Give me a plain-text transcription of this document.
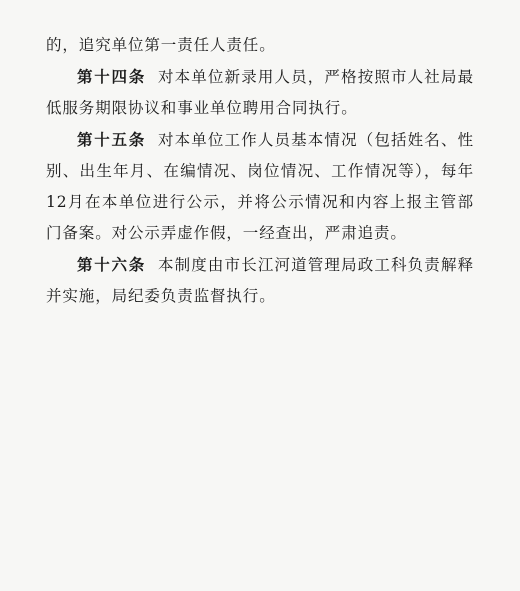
的，追究单位第一责任人责任。

第十四条 对本单位新录用人员，严格按照市人社局最低服务期限协议和事业单位聘用合同执行。

第十五条 对本单位工作人员基本情况（包括姓名、性别、出生年月、在编情况、岗位情况、工作情况等），每年12月在本单位进行公示，并将公示情况和内容上报主管部门备案。对公示弄虚作假，一经查出，严肃追责。

第十六条 本制度由市长江河道管理局政工科负责解释并实施，局纪委负责监督执行。
